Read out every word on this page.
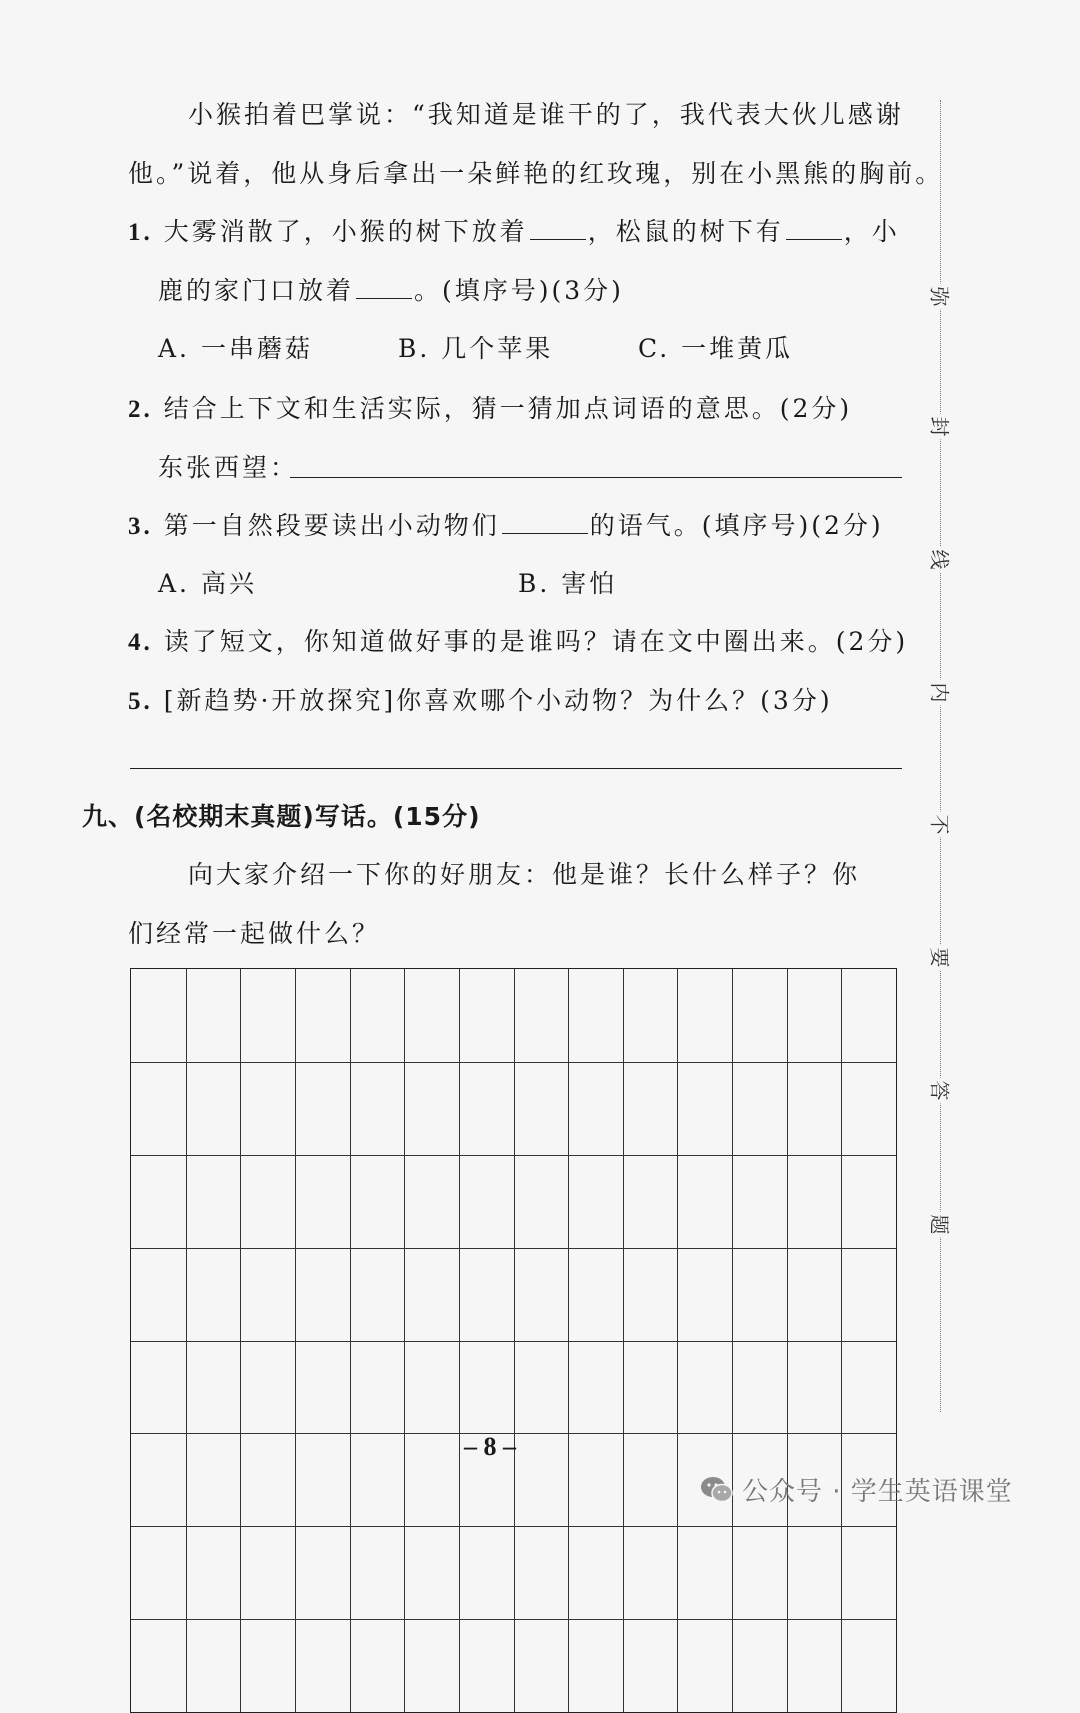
小猴拍着巴掌说：“我知道是谁干的了，我代表大伙儿感谢
他。”说着，他从身后拿出一朵鲜艳的红玫瑰，别在小黑熊的胸前。
1. 大雾消散了，小猴的树下放着 ，松鼠的树下有 ，小
鹿的家门口放着 。(填序号)(3分)
A. 一串蘑菇	B. 几个苹果	C. 一堆黄瓜
2. 结合上下文和生活实际，猜一猜加点词语的意思。(2分)
东张西望：
3. 第一自然段要读出小动物们	的语气。(填序号)(2分)
A. 高兴	B. 害怕
4. 读了短文，你知道做好事的是谁吗？请在文中圈出来。(2分)
5. [新趋势·开放探究]你喜欢哪个小动物？为什么？(3分)
九、(名校期末真题)写话。(15分)
向大家介绍一下你的好朋友：他是谁？长什么样子？你
们经常一起做什么？
弥
封
线
内
不
要
答
题
– 8 –
公众号 · 学生英语课堂
